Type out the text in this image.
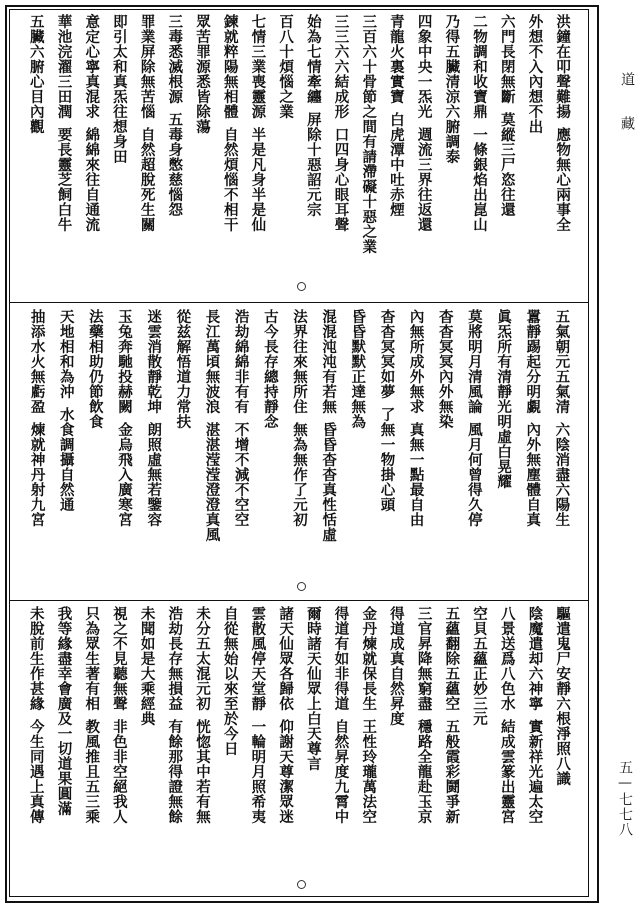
洪鐘在叩聲難揚
應物無心兩事全
外想不入內想不出
六門長閉無斷
莫縱三尸恣往還
二物調和收寶鼎
一條銀焰出崑山
乃得五臟清涼六腑調泰
四象中央一炁光
週流三界往返還
青龍火裏實寶
白虎潭中吐赤煙
三百六十骨節之間有請滯礙十惡之業
三三六六結成形
口四身心眼耳聲
始為七情牽纏
屏除十惡詔元宗
百八十煩惱之業
七情三業喪靈源
半是凡身半是仙
鍊就粹陽無相體
自然煩惱不相干
眾苦罪源悉皆除蕩
三毒悉滅根源
五毒身憋慈惱怨
罪業屏除無苦惱
自然超脫死生關
即引太和真炁往想身田
意定心寧真混求
綿綿來往自通流
華池浣濯三田潤
要長靈芝飼白牛
五臟六腑心目內觀
五氣朝元五氣清
六陰消盡六陽生
囂靜踢起分明覷
內外無塵體自真
眞炁所有清靜光明虛白晃耀
莫將明月清風論
風月何曾得久停
杳杳冥冥內外無染
內無所成外無求
真無一點最自由
杳杳冥冥如夢
了無一物掛心頭
昏昏默默正達無為
混混沌沌有若無
昏昏杳杳真性恬虛
法界往來無所住
無為無作了元初
古今長存總持靜念
浩劫綿綿非有有
不增不減不空空
長江萬頃無波浪
湛湛滢滢澄澄真風
從兹解悟道力常扶
迷雲消散靜乾坤
朗照虛無若鑒容
玉兔奔馳投赫闕
金烏飛入廣寒宮
法藥相助仍節飲食
天地相和為沖
水食調攝自然通
抽添水火無虧盈
煉就神丹射九宮
驅遣鬼尸安靜六根淨照八識
陰魔遣却六神寧
實新祥光遍太空
八景送爲八色水
結成雲篆出靈宮
空貝五蘊正妙三元
五蘊翻除五蘊空
五般霞彩鬪爭新
三官昇降無窮盡
穩路全龍赴玉京
得道成真自然昇度
金丹煉就保長生
王性玲瓏萬法空
得道有如非得道
自然昇度九霄中
爾時諸天仙眾上白天尊言
諸天仙眾各歸依
仰謝天尊潔眾迷
雲散風停天堂靜
一輪明月照希夷
自從無始以來至於今日
未分五太混元初
恍惚其中若有無
浩劫長存無損益
有餘那得證無餘
未聞如是大乘經典
視之不見聽無聲
非色非空絕我人
只為眾生著有相
教風推且五三乘
我等緣盡幸會廣及一切道果圓滿
未脫前生作甚緣
今生同遇上真傳
道藏
五—七七八
